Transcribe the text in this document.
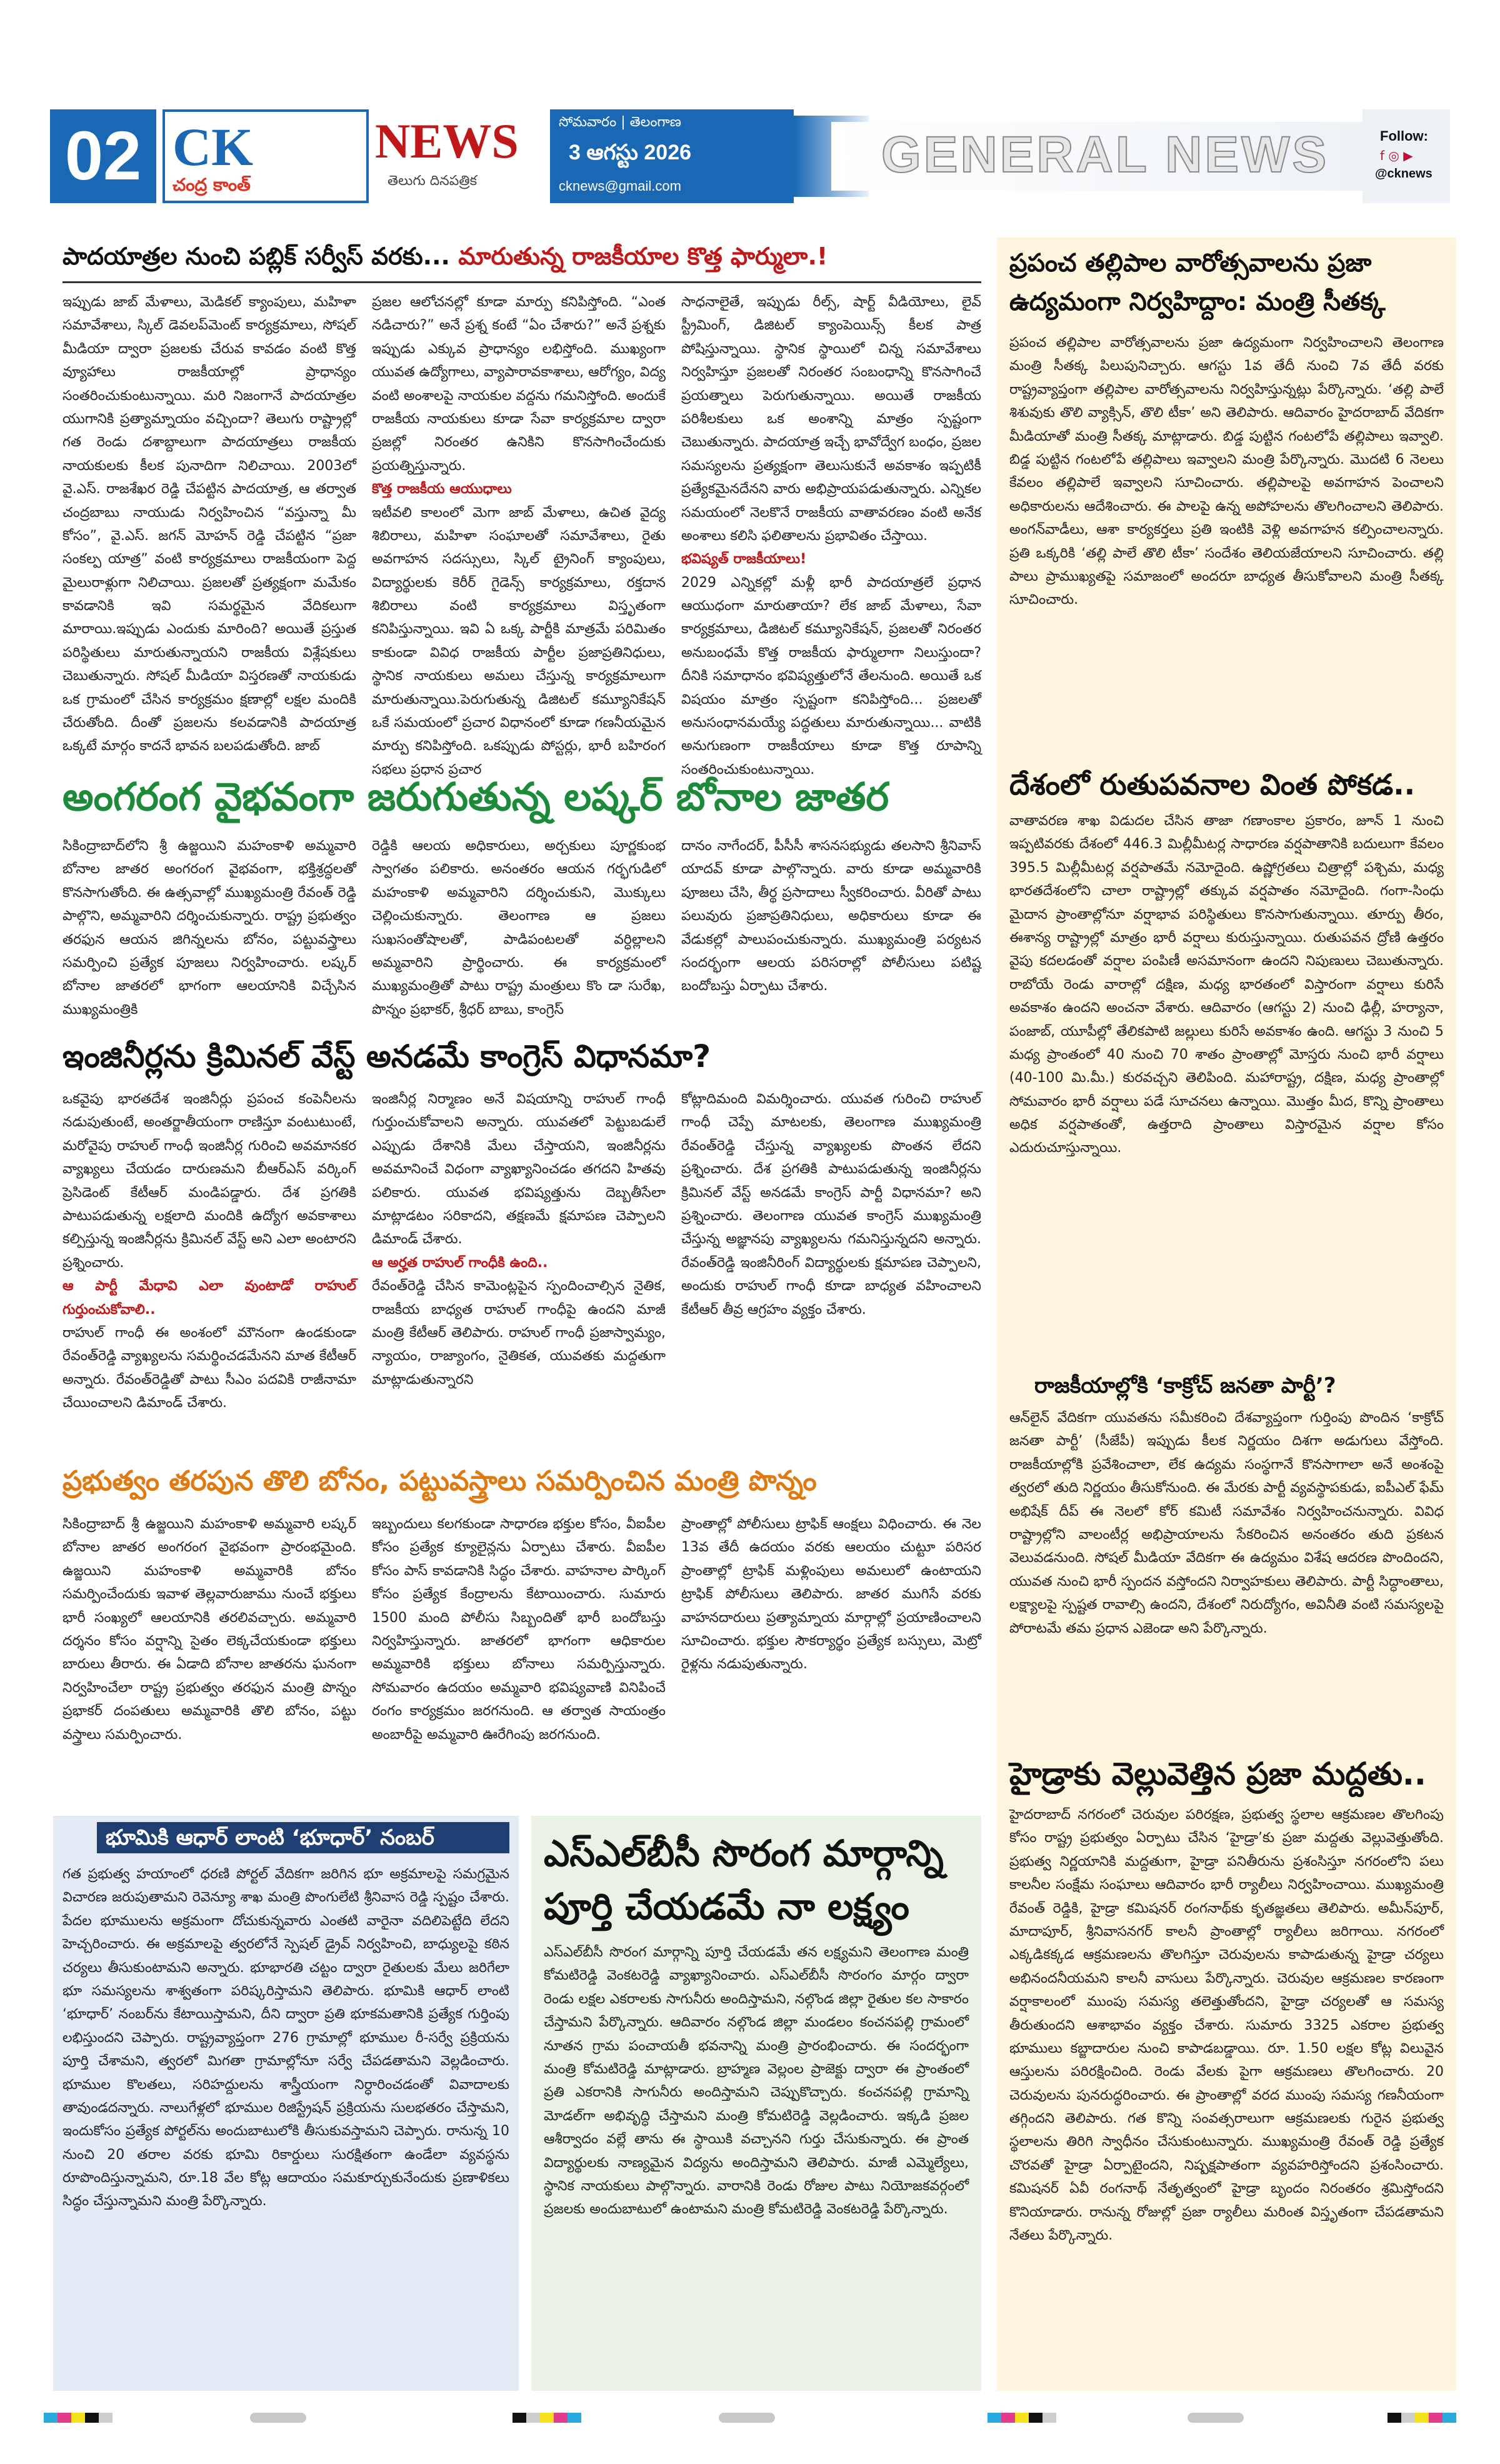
02 CK
చంద్ర కాంత్
NEWS
తెలుగు దినపత్రిక
సోమవారం | తెలంగాణ
3 ఆగస్టు 2026
cknews@gmail.com
GENERAL NEWS	Follow:
f ◎ ▶
@cknews
పాదయాత్రల నుంచి పబ్లిక్ సర్వీస్ వరకు... మారుతున్న రాజకీయాల కొత్త ఫార్ములా.!
ఇప్పుడు జాబ్ మేళాలు, మెడికల్ క్యాంపులు, మహిళా సమావేశాలు, స్కిల్ డెవలప్‌మెంట్ కార్యక్రమాలు, సోషల్ మీడియా ద్వారా ప్రజలకు చేరువ కావడం వంటి కొత్త వ్యూహాలు రాజకీయాల్లో ప్రాధాన్యం సంతరించుకుంటున్నాయి. మరి నిజంగానే పాదయాత్రల యుగానికి ప్రత్యామ్నాయం వచ్చిందా? తెలుగు రాష్ట్రాల్లో గత రెండు దశాబ్దాలుగా పాదయాత్రలు రాజకీయ నాయకులకు కీలక పునాదిగా నిలిచాయి. 2003లో వై.ఎస్. రాజశేఖర రెడ్డి చేపట్టిన పాదయాత్ర, ఆ తర్వాత చంద్రబాబు నాయుడు నిర్వహించిన “వస్తున్నా మీ కోసం”, వై.ఎస్. జగన్ మోహన్ రెడ్డి చేపట్టిన “ప్రజా సంకల్ప యాత్ర” వంటి కార్యక్రమాలు రాజకీయంగా పెద్ద మైలురాళ్లుగా నిలిచాయి. ప్రజలతో ప్రత్యక్షంగా మమేకం కావడానికి ఇవి సమర్థమైన వేదికలుగా మారాయి.ఇప్పుడు ఎందుకు మారింది? అయితే ప్రస్తుత పరిస్థితులు మారుతున్నాయని రాజకీయ విశ్లేషకులు చెబుతున్నారు. సోషల్ మీడియా విస్తరణతో నాయకుడు ఒక గ్రామంలో చేసిన కార్యక్రమం క్షణాల్లో లక్షల మందికి చేరుతోంది. దీంతో ప్రజలను కలవడానికి పాదయాత్ర ఒక్కటే మార్గం కాదనే భావన బలపడుతోంది. జాబ్
ప్రజల ఆలోచనల్లో కూడా మార్పు కనిపిస్తోంది. “ఎంత నడిచారు?” అనే ప్రశ్న కంటే “ఏం చేశారు?” అనే ప్రశ్నకు ఇప్పుడు ఎక్కువ ప్రాధాన్యం లభిస్తోంది. ముఖ్యంగా యువత ఉద్యోగాలు, వ్యాపారావకాశాలు, ఆరోగ్యం, విద్య వంటి అంశాలపై నాయకుల వద్దను గమనిస్తోంది. అందుకే రాజకీయ నాయకులు కూడా సేవా కార్యక్రమాల ద్వారా ప్రజల్లో నిరంతర ఉనికిని కొనసాగించేందుకు ప్రయత్నిస్తున్నారు.
కొత్త రాజకీయ ఆయుధాలు
ఇటీవలి కాలంలో మెగా జాబ్ మేళాలు, ఉచిత వైద్య శిబిరాలు, మహిళా సంఘాలతో సమావేశాలు, రైతు అవగాహన సదస్సులు, స్కిల్ ట్రైనింగ్ క్యాంపులు, విద్యార్థులకు కెరీర్ గైడెన్స్ కార్యక్రమాలు, రక్తదాన శిబిరాలు వంటి కార్యక్రమాలు విస్తృతంగా కనిపిస్తున్నాయి. ఇవి ఏ ఒక్క పార్టీకి మాత్రమే పరిమితం కాకుండా వివిధ రాజకీయ పార్టీల ప్రజాప్రతినిధులు, స్థానిక నాయకులు అమలు చేస్తున్న కార్యక్రమాలుగా మారుతున్నాయి.పెరుగుతున్న డిజిటల్ కమ్యూనికేషన్ ఒకే సమయంలో ప్రచార విధానంలో కూడా గణనీయమైన మార్పు కనిపిస్తోంది. ఒకప్పుడు పోస్టర్లు, భారీ బహిరంగ సభలు ప్రధాన ప్రచార
సాధనాలైతే, ఇప్పుడు రీల్స్, షార్ట్ వీడియోలు, లైవ్ స్ట్రీమింగ్, డిజిటల్ క్యాంపెయిన్స్ కీలక పాత్ర పోషిస్తున్నాయి. స్థానిక స్థాయిలో చిన్న సమావేశాలు నిర్వహిస్తూ ప్రజలతో నిరంతర సంబంధాన్ని కొనసాగించే ప్రయత్నాలు పెరుగుతున్నాయి. అయితే రాజకీయ పరిశీలకులు ఒక అంశాన్ని మాత్రం స్పష్టంగా చెబుతున్నారు. పాదయాత్ర ఇచ్చే భావోద్వేగ బంధం, ప్రజల సమస్యలను ప్రత్యక్షంగా తెలుసుకునే అవకాశం ఇప్పటికీ ప్రత్యేకమైనదేనని వారు అభిప్రాయపడుతున్నారు. ఎన్నికల సమయంలో నెలకొనే రాజకీయ వాతావరణం వంటి అనేక అంశాలు కలిసి ఫలితాలను ప్రభావితం చేస్తాయి.
భవిష్యత్ రాజకీయాలు!
2029 ఎన్నికల్లో మళ్లీ భారీ పాదయాత్రలే ప్రధాన ఆయుధంగా మారుతాయా? లేక జాబ్ మేళాలు, సేవా కార్యక్రమాలు, డిజిటల్ కమ్యూనికేషన్, ప్రజలతో నిరంతర అనుబంధమే కొత్త రాజకీయ ఫార్ములాగా నిలుస్తుందా? దీనికి సమాధానం భవిష్యత్తులోనే తేలనుంది. అయితే ఒక విషయం మాత్రం స్పష్టంగా కనిపిస్తోంది... ప్రజలతో అనుసంధానమయ్యే పద్ధతులు మారుతున్నాయి... వాటికి అనుగుణంగా రాజకీయాలు కూడా కొత్త రూపాన్ని సంతరించుకుంటున్నాయి.
అంగరంగ వైభవంగా జరుగుతున్న లష్కర్ బోనాల జాతర
సికింద్రాబాద్‌లోని శ్రీ ఉజ్జయిని మహంకాళి అమ్మవారి బోనాల జాతర అంగరంగ వైభవంగా, భక్తిశ్రద్ధలతో కొనసాగుతోంది. ఈ ఉత్సవాల్లో ముఖ్యమంత్రి రేవంత్ రెడ్డి పాల్గొని, అమ్మవారిని దర్శించుకున్నారు. రాష్ట్ర ప్రభుత్వం తరఫున ఆయన జిగిన్నలను బోనం, పట్టువస్త్రాలు సమర్పించి ప్రత్యేక పూజలు నిర్వహించారు. లష్కర్ బోనాల జాతరలో భాగంగా ఆలయానికి విచ్చేసిన ముఖ్యమంత్రికి
రెడ్డికి ఆలయ అధికారులు, అర్చకులు పూర్ణకుంభ స్వాగతం పలికారు. అనంతరం ఆయన గర్భగుడిలో మహంకాళి అమ్మవారిని దర్శించుకుని, మొక్కులు చెల్లించుకున్నారు. తెలంగాణ ఆ ప్రజలు సుఖసంతోషాలతో, పాడిపంటలతో వర్ధిల్లాలని అమ్మవారిని ప్రార్థించారు. ఈ కార్యక్రమంలో ముఖ్యమంత్రితో పాటు రాష్ట్ర మంత్రులు కొం డా సురేఖ, పొన్నం ప్రభాకర్, శ్రీధర్ బాబు, కాంగ్రెస్
దానం నాగేందర్, పీసీసీ శాసనసభ్యుడు తలసాని శ్రీనివాస్ యాదవ్ కూడా పాల్గొన్నారు. వారు కూడా అమ్మవారికి పూజలు చేసి, తీర్థ ప్రసాదాలు స్వీకరించారు. వీరితో పాటు పలువురు ప్రజాప్రతినిధులు, అధికారులు కూడా ఈ వేడుకల్లో పాలుపంచుకున్నారు. ముఖ్యమంత్రి పర్యటన సందర్భంగా ఆలయ పరిసరాల్లో పోలీసులు పటిష్ట బందోబస్తు ఏర్పాటు చేశారు.
ఇంజినీర్లను క్రిమినల్ వేస్ట్ అనడమే కాంగ్రెస్ విధానమా?
ఒకవైపు భారతదేశ ఇంజినీర్లు ప్రపంచ కంపెనీలను నడుపుతుంటే, అంతర్జాతీయంగా రాణిస్తూ వంటుటుంటే, మరోవైపు రాహుల్ గాంధీ ఇంజినీర్ల గురించి అవమానకర వ్యాఖ్యలు చేయడం దారుణమని బీఆర్ఎస్ వర్కింగ్ ప్రెసిడెంట్ కేటీఆర్ మండిపడ్డారు. దేశ ప్రగతికి పాటుపడుతున్న లక్షలాది మందికి ఉద్యోగ అవకాశాలు కల్పిస్తున్న ఇంజినీర్లను క్రిమినల్ వేస్ట్ అని ఎలా అంటారని ప్రశ్నించారు.
ఆ పార్టీ మేధావి ఎలా వుంటాడో రాహుల్ గుర్తుంచుకోవాలి..
రాహుల్ గాంధీ ఈ అంశంలో మౌనంగా ఉండకుండా రేవంత్‌రెడ్డి వ్యాఖ్యలను సమర్థించడమేనని మాత కేటీఆర్ అన్నారు. రేవంత్‌రెడ్డితో పాటు సీఎం పదవికి రాజీనామా చేయించాలని డిమాండ్ చేశారు.
ఇంజినీర్ల నిర్మాణం అనే విషయాన్ని రాహుల్ గాంధీ గుర్తుంచుకోవాలని అన్నారు. యువతలో పెట్టుబడులే ఎప్పుడు దేశానికి మేలు చేస్తాయని, ఇంజినీర్లను అవమానించే విధంగా వ్యాఖ్యానించడం తగదని హితవు పలికారు. యువత భవిష్యత్తును దెబ్బతీసేలా మాట్లాడటం సరికాదని, తక్షణమే క్షమాపణ చెప్పాలని డిమాండ్ చేశారు.
ఆ అర్హత రాహుల్ గాంధీకి ఉంది..
రేవంత్‌రెడ్డి చేసిన కామెంట్లపైన స్పందించాల్సిన నైతిక, రాజకీయ బాధ్యత రాహుల్ గాంధీపై ఉందని మాజీ మంత్రి కేటీఆర్ తెలిపారు. రాహుల్ గాంధీ ప్రజాస్వామ్యం, న్యాయం, రాజ్యాంగం, నైతికత, యువతకు మద్దతుగా మాట్లాడుతున్నారని
కోట్లాదిమంది విమర్శించారు. యువత గురించి రాహుల్ గాంధీ చెప్పే మాటలకు, తెలంగాణ ముఖ్యమంత్రి రేవంత్‌రెడ్డి చేస్తున్న వ్యాఖ్యలకు పొంతన లేదని ప్రశ్నించారు. దేశ ప్రగతికి పాటుపడుతున్న ఇంజినీర్లను క్రిమినల్ వేస్ట్ అనడమే కాంగ్రెస్ పార్టీ విధానమా? అని ప్రశ్నించారు. తెలంగాణ యువత కాంగ్రెస్ ముఖ్యమంత్రి చేస్తున్న అజ్ఞానపు వ్యాఖ్యలను గమనిస్తున్నదని అన్నారు. రేవంత్‌రెడ్డి ఇంజినీరింగ్ విద్యార్థులకు క్షమాపణ చెప్పాలని, అందుకు రాహుల్ గాంధీ కూడా బాధ్యత వహించాలని కేటీఆర్ తీవ్ర ఆగ్రహం వ్యక్తం చేశారు.
ప్రభుత్వం తరపున తొలి బోనం, పట్టువస్త్రాలు సమర్పించిన మంత్రి పొన్నం
సికింద్రాబాద్ శ్రీ ఉజ్జయిని మహంకాళి అమ్మవారి లష్కర్ బోనాల జాతర అంగరంగ వైభవంగా ప్రారంభమైంది. ఉజ్జయిని మహంకాళి అమ్మవారికి బోనం సమర్పించేందుకు ఇవాళ తెల్లవారుజాము నుంచే భక్తులు భారీ సంఖ్యలో ఆలయానికి తరలివచ్చారు. అమ్మవారి దర్శనం కోసం వర్షాన్ని సైతం లెక్కచేయకుండా భక్తులు బారులు తీరారు. ఈ ఏడాది బోనాల జాతరను ఘనంగా నిర్వహించేలా రాష్ట్ర ప్రభుత్వం తరఫున మంత్రి పొన్నం ప్రభాకర్ దంపతులు అమ్మవారికి తొలి బోనం, పట్టు వస్త్రాలు సమర్పించారు.
ఇబ్బందులు కలగకుండా సాధారణ భక్తుల కోసం, వీఐపీల కోసం ప్రత్యేక క్యూలైన్లను ఏర్పాటు చేశారు. వీఐపీల కోసం పాస్ కావడానికి సిద్ధం చేశారు. వాహనాల పార్కింగ్ కోసం ప్రత్యేక కేంద్రాలను కేటాయించారు. సుమారు 1500 మంది పోలీసు సిబ్బందితో భారీ బందోబస్తు నిర్వహిస్తున్నారు. జాతరలో భాగంగా ఆధికారుల అమ్మవారికి భక్తులు బోనాలు సమర్పిస్తున్నారు. సోమవారం ఉదయం అమ్మవారి భవిష్యవాణి వినిపించే రంగం కార్యక్రమం జరగనుంది. ఆ తర్వాత సాయంత్రం అంబారీపై అమ్మవారి ఊరేగింపు జరగనుంది.
ప్రాంతాల్లో పోలీసులు ట్రాఫిక్ ఆంక్షలు విధించారు. ఈ నెల 13వ తేదీ ఉదయం వరకు ఆలయం చుట్టూ పరిసర ప్రాంతాల్లో ట్రాఫిక్ మళ్లింపులు అమలులో ఉంటాయని ట్రాఫిక్ పోలీసులు తెలిపారు. జాతర ముగిసే వరకు వాహనదారులు ప్రత్యామ్నాయ మార్గాల్లో ప్రయాణించాలని సూచించారు. భక్తుల సౌకర్యార్థం ప్రత్యేక బస్సులు, మెట్రో రైళ్లను నడుపుతున్నారు.
భూమికి ఆధార్ లాంటి ‘భూధార్’ నంబర్
గత ప్రభుత్వ హయాంలో ధరణి పోర్టల్ వేదికగా జరిగిన భూ అక్రమాలపై సమగ్రమైన విచారణ జరుపుతామని రెవెన్యూ శాఖ మంత్రి పొంగులేటి శ్రీనివాస రెడ్డి స్పష్టం చేశారు. పేదల భూములను అక్రమంగా దోచుకున్నవారు ఎంతటి వారైనా వదిలిపెట్టేది లేదని హెచ్చరించారు. ఈ అక్రమాలపై త్వరలోనే స్పెషల్ డ్రైవ్ నిర్వహించి, బాధ్యులపై కఠిన చర్యలు తీసుకుంటామని అన్నారు. భూభారతి చట్టం ద్వారా రైతులకు మేలు జరిగేలా భూ సమస్యలను శాశ్వతంగా పరిష్కరిస్తామని తెలిపారు. భూమికి ఆధార్ లాంటి ‘భూధార్’ నంబర్‌ను కేటాయిస్తామని, దీని ద్వారా ప్రతి భూకమతానికి ప్రత్యేక గుర్తింపు లభిస్తుందని చెప్పారు. రాష్ట్రవ్యాప్తంగా 276 గ్రామాల్లో భూముల రీ-సర్వే ప్రక్రియను పూర్తి చేశామని, త్వరలో మిగతా గ్రామాల్లోనూ సర్వే చేపడతామని వెల్లడించారు. భూముల కొలతలు, సరిహద్దులను శాస్త్రీయంగా నిర్ధారించడంతో వివాదాలకు తావుండదన్నారు. నాలుగేళ్లలో భూముల రిజిస్ట్రేషన్ ప్రక్రియను సులభతరం చేస్తామని, ఇందుకోసం ప్రత్యేక పోర్టల్‌ను అందుబాటులోకి తీసుకువస్తామని చెప్పారు. రానున్న 10 నుంచి 20 తరాల వరకు భూమి రికార్డులు సురక్షితంగా ఉండేలా వ్యవస్థను రూపొందిస్తున్నామని, రూ.18 వేల కోట్ల ఆదాయం సమకూర్చుకునేందుకు ప్రణాళికలు సిద్ధం చేస్తున్నామని మంత్రి పేర్కొన్నారు.
ఎస్ఎల్‌బీసీ సొరంగ మార్గాన్ని
పూర్తి చేయడమే నా లక్ష్యం
ఎస్ఎల్‌బీసీ సొరంగ మార్గాన్ని పూర్తి చేయడమే తన లక్ష్యమని తెలంగాణ మంత్రి కోమటిరెడ్డి వెంకటరెడ్డి వ్యాఖ్యానించారు. ఎస్ఎల్‌బీసీ సొరంగం మార్గం ద్వారా రెండు లక్షల ఎకరాలకు సాగునీరు అందిస్తామని, నల్గొండ జిల్లా రైతుల కల సాకారం చేస్తామని పేర్కొన్నారు. ఆదివారం నల్గొండ జిల్లా మండలం కంచనపల్లి గ్రామంలో నూతన గ్రామ పంచాయతీ భవనాన్ని మంత్రి ప్రారంభించారు. ఈ సందర్భంగా మంత్రి కోమటిరెడ్డి మాట్లాడారు. బ్రాహ్మణ వెల్లంల ప్రాజెక్టు ద్వారా ఈ ప్రాంతంలో ప్రతి ఎకరానికి సాగునీరు అందిస్తామని చెప్పుకొచ్చారు. కంచనపల్లి గ్రామాన్ని మోడల్‌గా అభివృద్ధి చేస్తామని మంత్రి కోమటిరెడ్డి వెల్లడించారు. ఇక్కడి ప్రజల ఆశీర్వాదం వల్లే తాను ఈ స్థాయికి వచ్చానని గుర్తు చేసుకున్నారు. ఈ ప్రాంత విద్యార్థులకు నాణ్యమైన విద్యను అందిస్తామని తెలిపారు. మాజీ ఎమ్మెల్యేలు, స్థానిక నాయకులు పాల్గొన్నారు. వారానికి రెండు రోజుల పాటు నియోజకవర్గంలో ప్రజలకు అందుబాటులో ఉంటామని మంత్రి కోమటిరెడ్డి వెంకటరెడ్డి పేర్కొన్నారు.
ప్రపంచ తల్లిపాల వారోత్సవాలను ప్రజా ఉద్యమంగా నిర్వహిద్దాం: మంత్రి సీతక్క
ప్రపంచ తల్లిపాల వారోత్సవాలను ప్రజా ఉద్యమంగా నిర్వహించాలని తెలంగాణ మంత్రి సీతక్క పిలుపునిచ్చారు. ఆగస్టు 1వ తేదీ నుంచి 7వ తేదీ వరకు రాష్ట్రవ్యాప్తంగా తల్లిపాల వారోత్సవాలను నిర్వహిస్తున్నట్లు పేర్కొన్నారు. ‘తల్లి పాలే శిశువుకు తొలి వ్యాక్సిన్, తొలి టీకా’ అని తెలిపారు. ఆదివారం హైదరాబాద్ వేదికగా మీడియాతో మంత్రి సీతక్క మాట్లాడారు. బిడ్డ పుట్టిన గంటలోపే తల్లిపాలు ఇవ్వాలి. బిడ్డ పుట్టిన గంటలోపే తల్లిపాలు ఇవ్వాలని మంత్రి పేర్కొన్నారు. మొదటి 6 నెలలు కేవలం తల్లిపాలే ఇవ్వాలని సూచించారు. తల్లిపాలపై అవగాహన పెంచాలని అధికారులను ఆదేశించారు. ఈ పాలపై ఉన్న అపోహలను తొలగించాలని తెలిపారు. అంగన్‌వాడీలు, ఆశా కార్యకర్తలు ప్రతి ఇంటికి వెళ్లి అవగాహన కల్పించాలన్నారు. ప్రతి ఒక్కరికి ‘తల్లి పాలే తొలి టీకా’ సందేశం తెలియజేయాలని సూచించారు. తల్లి పాలు ప్రాముఖ్యతపై సమాజంలో అందరూ బాధ్యత తీసుకోవాలని మంత్రి సీతక్క సూచించారు.
దేశంలో రుతుపవనాల వింత పోకడ..
వాతావరణ శాఖ విడుదల చేసిన తాజా గణాంకాల ప్రకారం, జూన్ 1 నుంచి ఇప్పటివరకు దేశంలో 446.3 మిల్లీమీటర్ల సాధారణ వర్షపాతానికి బదులుగా కేవలం 395.5 మిల్లీమీటర్ల వర్షపాతమే నమోదైంది. ఉష్ణోగ్రతలు చిత్రాల్లో పశ్చిమ, మధ్య భారతదేశంలోని చాలా రాష్ట్రాల్లో తక్కువ వర్షపాతం నమోదైంది. గంగా-సింధు మైదాన ప్రాంతాల్లోనూ వర్షాభావ పరిస్థితులు కొనసాగుతున్నాయి. తూర్పు తీరం, ఈశాన్య రాష్ట్రాల్లో మాత్రం భారీ వర్షాలు కురుస్తున్నాయి. రుతుపవన ద్రోణి ఉత్తరం వైపు కదలడంతో వర్షాల పంపిణీ అసమానంగా ఉందని నిపుణులు చెబుతున్నారు. రాబోయే రెండు వారాల్లో దక్షిణ, మధ్య భారతంలో విస్తారంగా వర్షాలు కురిసే అవకాశం ఉందని అంచనా వేశారు. ఆదివారం (ఆగస్టు 2) నుంచి ఢిల్లీ, హర్యానా, పంజాబ్, యూపీల్లో తేలికపాటి జల్లులు కురిసే అవకాశం ఉంది. ఆగస్టు 3 నుంచి 5 మధ్య ప్రాంతంలో 40 నుంచి 70 శాతం ప్రాంతాల్లో మోస్తరు నుంచి భారీ వర్షాలు (40-100 మి.మీ.) కురవచ్చని తెలిపింది. మహారాష్ట్ర, దక్షిణ, మధ్య ప్రాంతాల్లో సోమవారం భారీ వర్షాలు పడే సూచనలు ఉన్నాయి. మొత్తం మీద, కొన్ని ప్రాంతాలు అధిక వర్షపాతంతో, ఉత్తరాది ప్రాంతాలు విస్తారమైన వర్షాల కోసం ఎదురుచూస్తున్నాయి.
రాజకీయాల్లోకి ‘కాక్రోచ్ జనతా పార్టీ’?
ఆన్‌లైన్ వేదికగా యువతను సమీకరించి దేశవ్యాప్తంగా గుర్తింపు పొందిన ‘కాక్రోచ్ జనతా పార్టీ’ (సీజేపీ) ఇప్పుడు కీలక నిర్ణయం దిశగా అడుగులు వేస్తోంది. రాజకీయాల్లోకి ప్రవేశించాలా, లేక ఉద్యమ సంస్థగానే కొనసాగాలా అనే అంశంపై త్వరలో తుది నిర్ణయం తీసుకోనుంది. ఈ మేరకు పార్టీ వ్యవస్థాపకుడు, ఐపీఎల్ ఫేమ్ అభిషేక్ దీప్ ఈ నెలలో కోర్ కమిటీ సమావేశం నిర్వహించనున్నారు. వివిధ రాష్ట్రాల్లోని వాలంటీర్ల అభిప్రాయాలను సేకరించిన అనంతరం తుది ప్రకటన వెలువడనుంది. సోషల్ మీడియా వేదికగా ఈ ఉద్యమం విశేష ఆదరణ పొందిందని, యువత నుంచి భారీ స్పందన వస్తోందని నిర్వాహకులు తెలిపారు. పార్టీ సిద్ధాంతాలు, లక్ష్యాలపై స్పష్టత రావాల్సి ఉందని, దేశంలో నిరుద్యోగం, అవినీతి వంటి సమస్యలపై పోరాటమే తమ ప్రధాన ఎజెండా అని పేర్కొన్నారు.
హైడ్రాకు వెల్లువెత్తిన ప్రజా మద్దతు..
హైదరాబాద్ నగరంలో చెరువుల పరిరక్షణ, ప్రభుత్వ స్థలాల ఆక్రమణల తొలగింపు కోసం రాష్ట్ర ప్రభుత్వం ఏర్పాటు చేసిన ‘హైడ్రా’కు ప్రజా మద్దతు వెల్లువెత్తుతోంది. ప్రభుత్వ నిర్ణయానికి మద్దతుగా, హైడ్రా పనితీరును ప్రశంసిస్తూ నగరంలోని పలు కాలనీల సంక్షేమ సంఘాలు ఆదివారం భారీ ర్యాలీలు నిర్వహించాయి. ముఖ్యమంత్రి రేవంత్ రెడ్డికి, హైడ్రా కమిషనర్ రంగనాథ్‌కు కృతజ్ఞతలు తెలిపారు. అమీన్‌పూర్, మాదాపూర్, శ్రీనివాసనగర్ కాలనీ ప్రాంతాల్లో ర్యాలీలు జరిగాయి. నగరంలో ఎక్కడికక్కడ ఆక్రమణలను తొలగిస్తూ చెరువులను కాపాడుతున్న హైడ్రా చర్యలు అభినందనీయమని కాలనీ వాసులు పేర్కొన్నారు. చెరువుల ఆక్రమణల కారణంగా వర్షాకాలంలో ముంపు సమస్య తలెత్తుతోందని, హైడ్రా చర్యలతో ఆ సమస్య తీరుతుందని ఆశాభావం వ్యక్తం చేశారు. సుమారు 3325 ఎకరాల ప్రభుత్వ భూములు కబ్జాదారుల నుంచి కాపాడబడ్డాయి. రూ. 1.50 లక్షల కోట్ల విలువైన ఆస్తులను పరిరక్షించింది. రెండు వేలకు పైగా ఆక్రమణలు తొలగించారు. 20 చెరువులను పునరుద్ధరించారు. ఈ ప్రాంతాల్లో వరద ముంపు సమస్య గణనీయంగా తగ్గిందని తెలిపారు. గత కొన్ని సంవత్సరాలుగా ఆక్రమణలకు గురైన ప్రభుత్వ స్థలాలను తిరిగి స్వాధీనం చేసుకుంటున్నారు. ముఖ్యమంత్రి రేవంత్ రెడ్డి ప్రత్యేక చొరవతో హైడ్రా ఏర్పాటైందని, నిష్పక్షపాతంగా వ్యవహరిస్తోందని ప్రశంసించారు. కమిషనర్ ఏవీ రంగనాథ్ నేతృత్వంలో హైడ్రా బృందం నిరంతరం శ్రమిస్తోందని కొనియాడారు. రానున్న రోజుల్లో ప్రజా ర్యాలీలు మరింత విస్తృతంగా చేపడతామని నేతలు పేర్కొన్నారు.
